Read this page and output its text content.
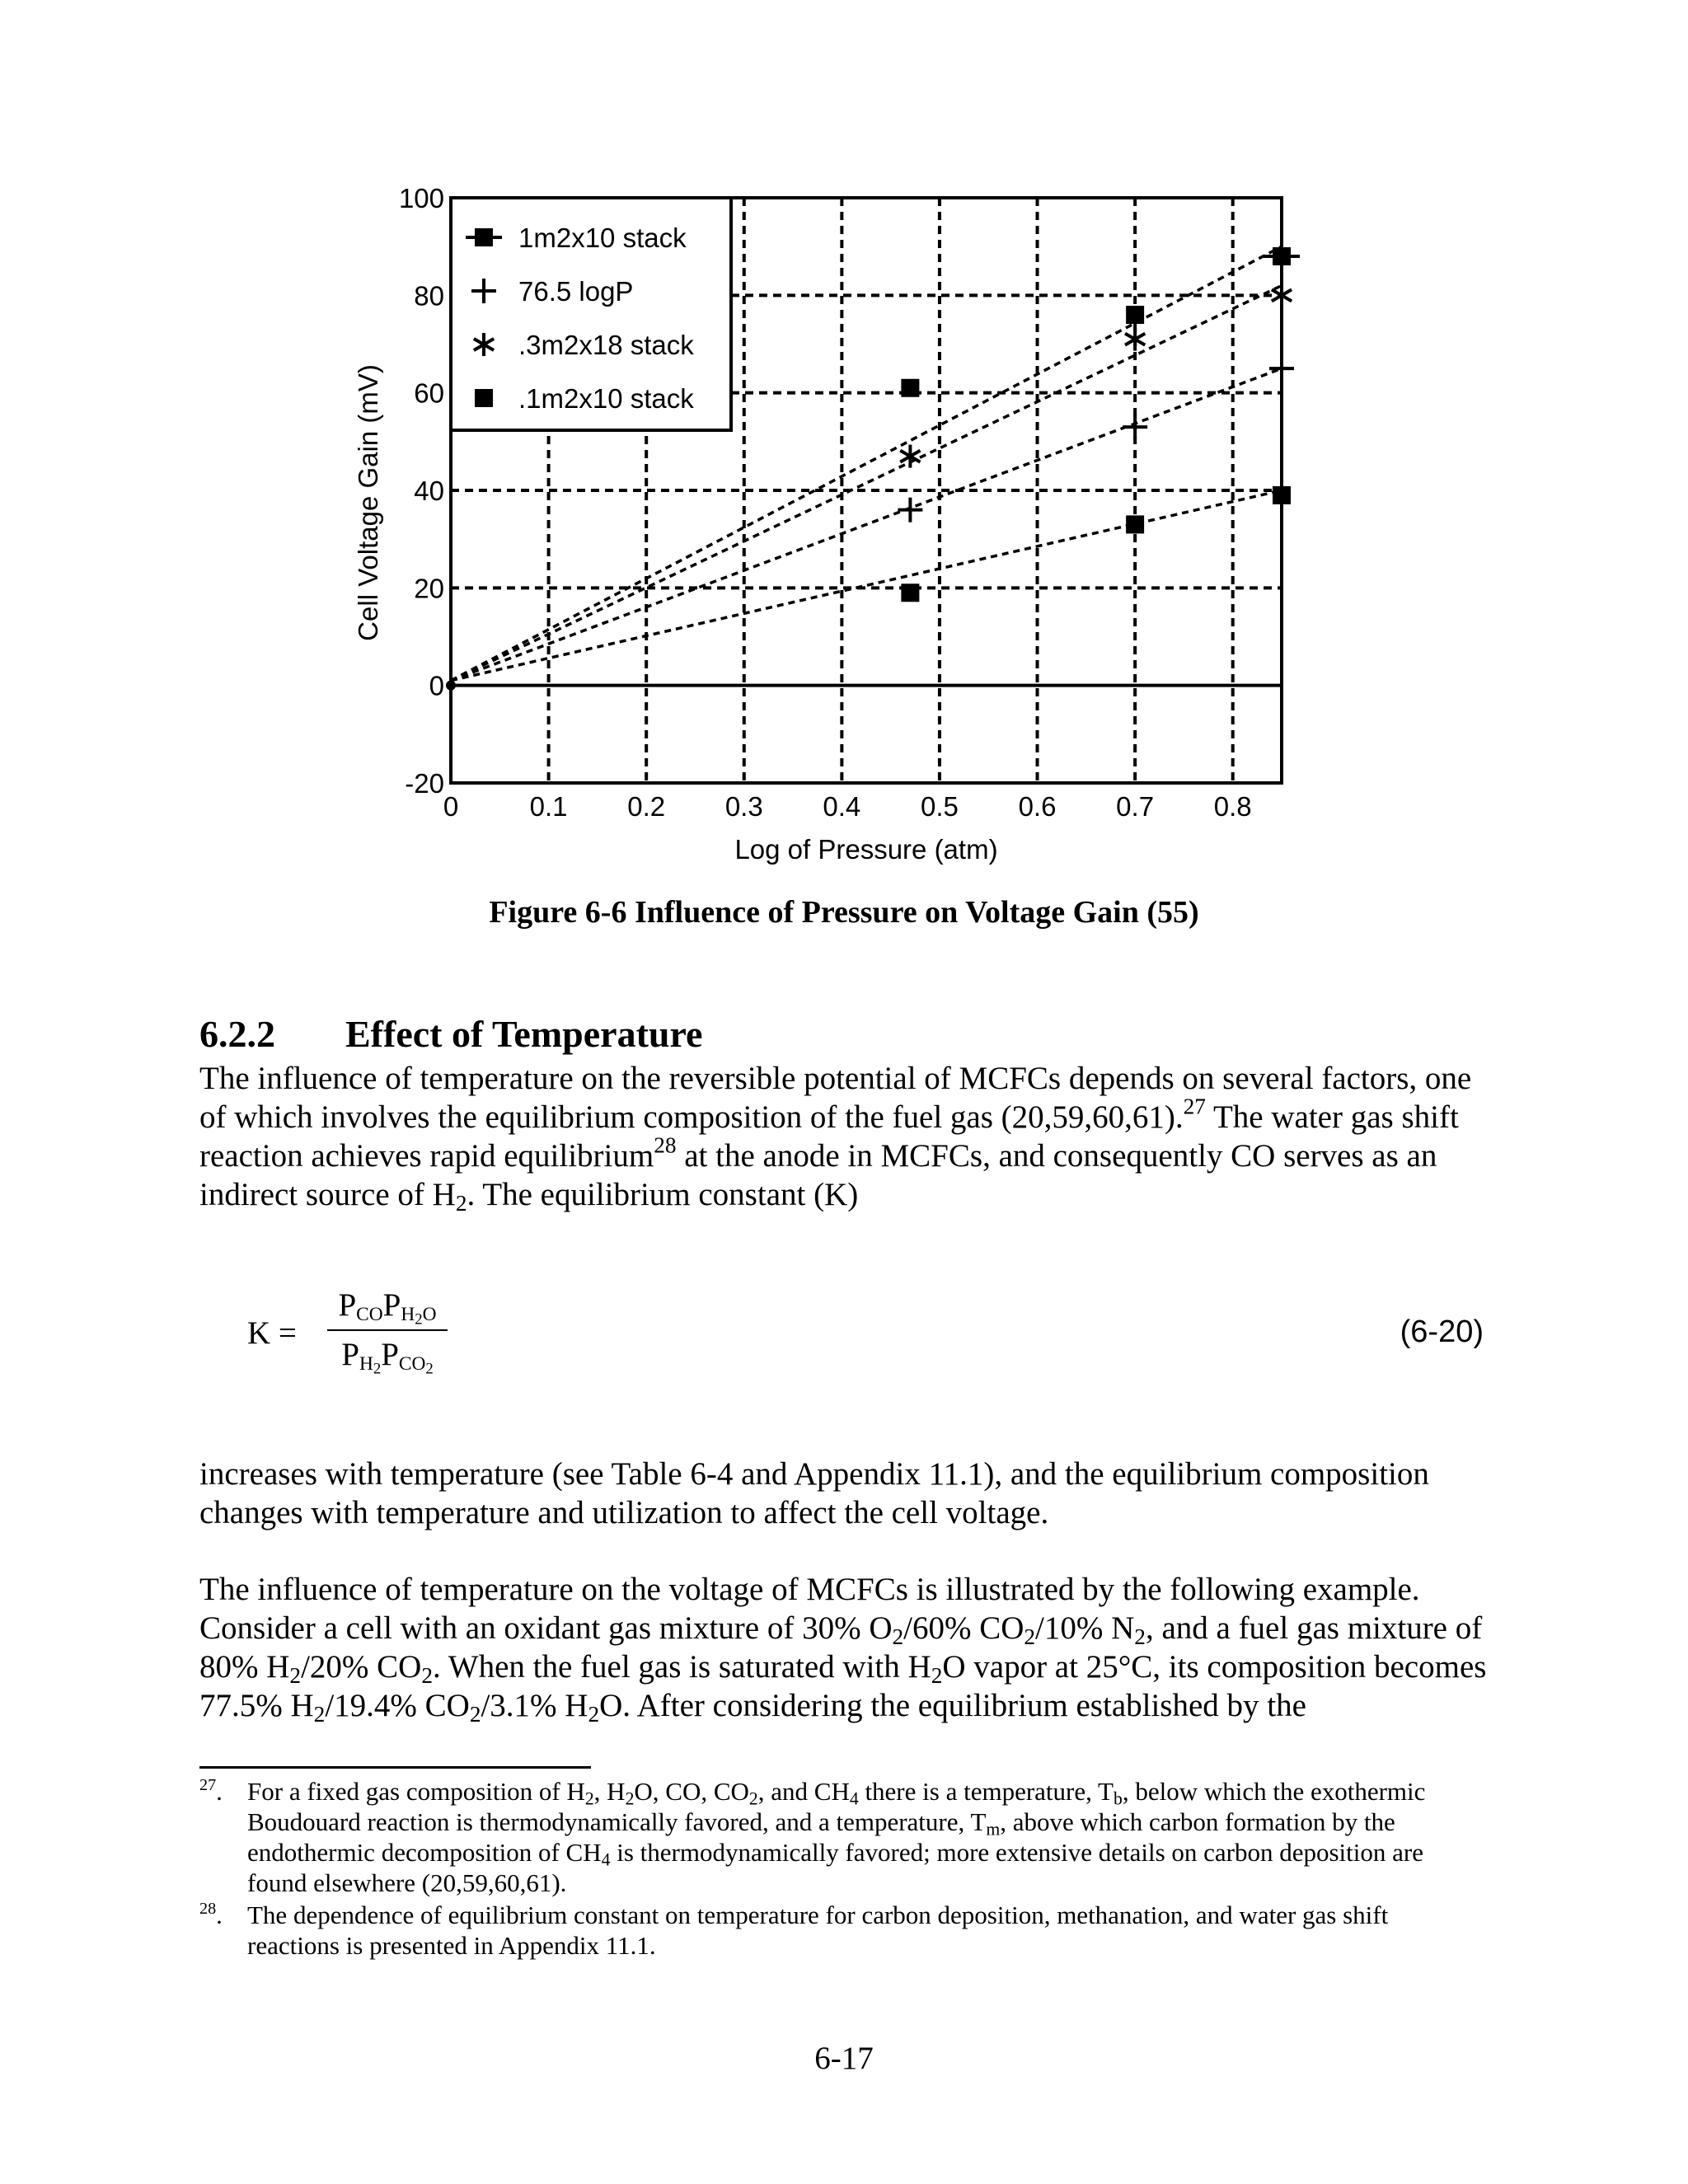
0	0.1 0.2 0.3 0.4 0.5 0.6 0.7 0.8
100
80
60
40
20
0
-20
Log of Pressure (atm)
Cell Voltage Gain (mV)
1m2x10 stack
76.5 logP
.3m2x18 stack
.1m2x10 stack
Figure 6-6 Influence of Pressure on Voltage Gain (55)
6.2.2 Effect of Temperature
The influence of temperature on the reversible potential of MCFCs depends on several factors, one of which involves the equilibrium composition of the fuel gas (20,59,60,61).$^{27}$ The water gas shift reaction achieves rapid equilibrium$^{28}$ at the anode in MCFCs, and consequently CO serves as an indirect source of $H_2$. The equilibrium constant (K)
K =
$P_{CO}P_{H_2O}$
$P_{H_2}P_{CO_2}$
(6-20)
increases with temperature (see Table 6-4 and Appendix 11.1), and the equilibrium composition changes with temperature and utilization to affect the cell voltage.
The influence of temperature on the voltage of MCFCs is illustrated by the following example. Consider a cell with an oxidant gas mixture of 30% $O_2/60\%$ $CO_2/10\%$ $N_2$, and a fuel gas mixture of 80% $H_2/20\%$ $CO_2$. When the fuel gas is saturated with $H_2O$ vapor at 25°C, its composition becomes 77.5% $H_2/19.4\%$ $CO_2/3.1\%$ $H_2O$. After considering the equilibrium established by the
$^{27}$. For a fixed gas composition of $H_2$, $H_2O$, CO, $CO_2$, and $CH_4$ there is a temperature, $T_b$, below which the exothermic Boudouard reaction is thermodynamically favored, and a temperature, $T_m$, above which carbon formation by the endothermic decomposition of $CH_4$ is thermodynamically favored; more extensive details on carbon deposition are found elsewhere (20,59,60,61).
$^{28}$. The dependence of equilibrium constant on temperature for carbon deposition, methanation, and water gas shift reactions is presented in Appendix 11.1.
6-17
